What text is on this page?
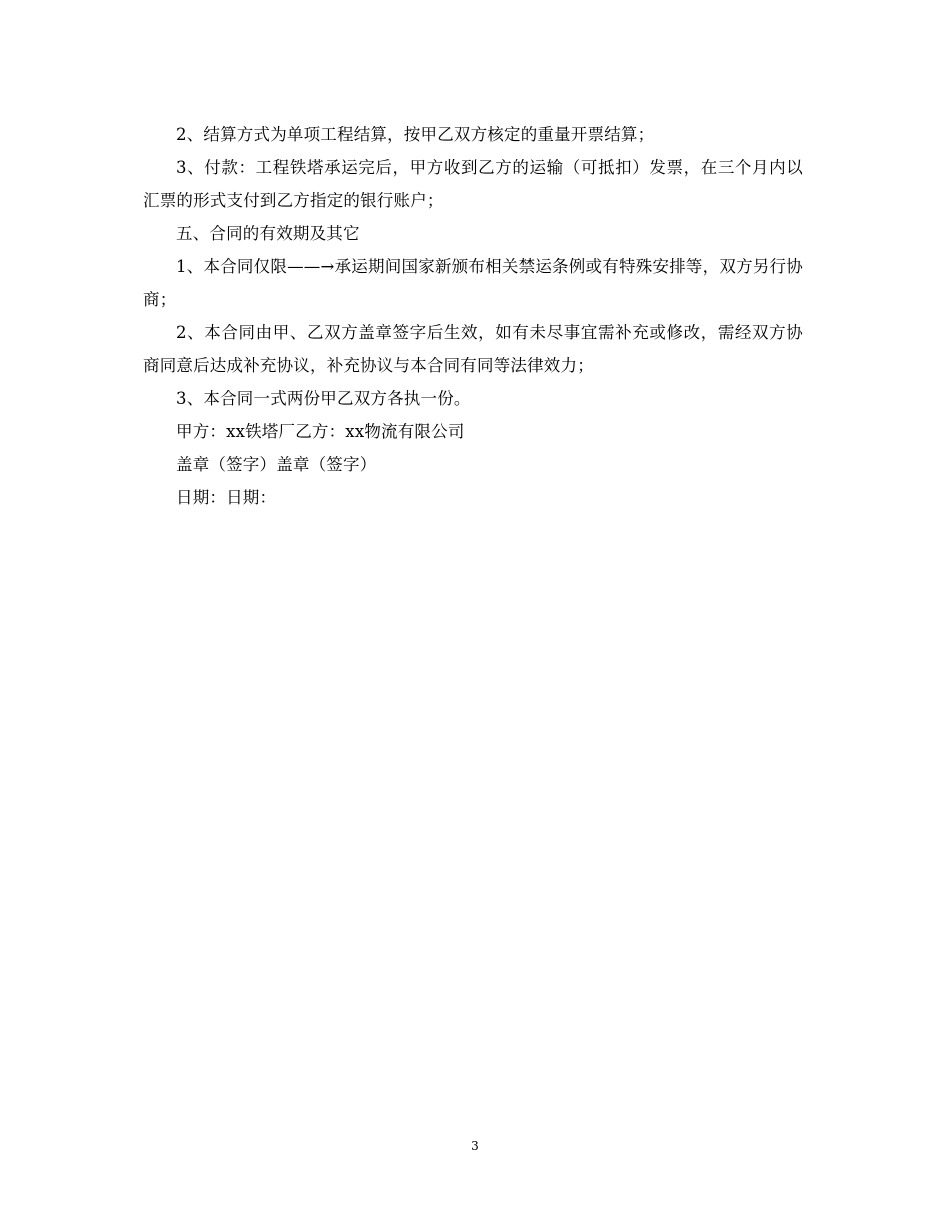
2、结算方式为单项工程结算，按甲乙双方核定的重量开票结算；

3、付款：工程铁塔承运完后，甲方收到乙方的运输（可抵扣）发票，在三个月内以汇票的形式支付到乙方指定的银行账户；

五、合同的有效期及其它

1、本合同仅限——→承运期间国家新颁布相关禁运条例或有特殊安排等，双方另行协商；

2、本合同由甲、乙双方盖章签字后生效，如有未尽事宜需补充或修改，需经双方协商同意后达成补充协议，补充协议与本合同有同等法律效力；

3、本合同一式两份甲乙双方各执一份。

甲方：xx铁塔厂乙方：xx物流有限公司

盖章（签字）盖章（签字）

日期：日期：

3
